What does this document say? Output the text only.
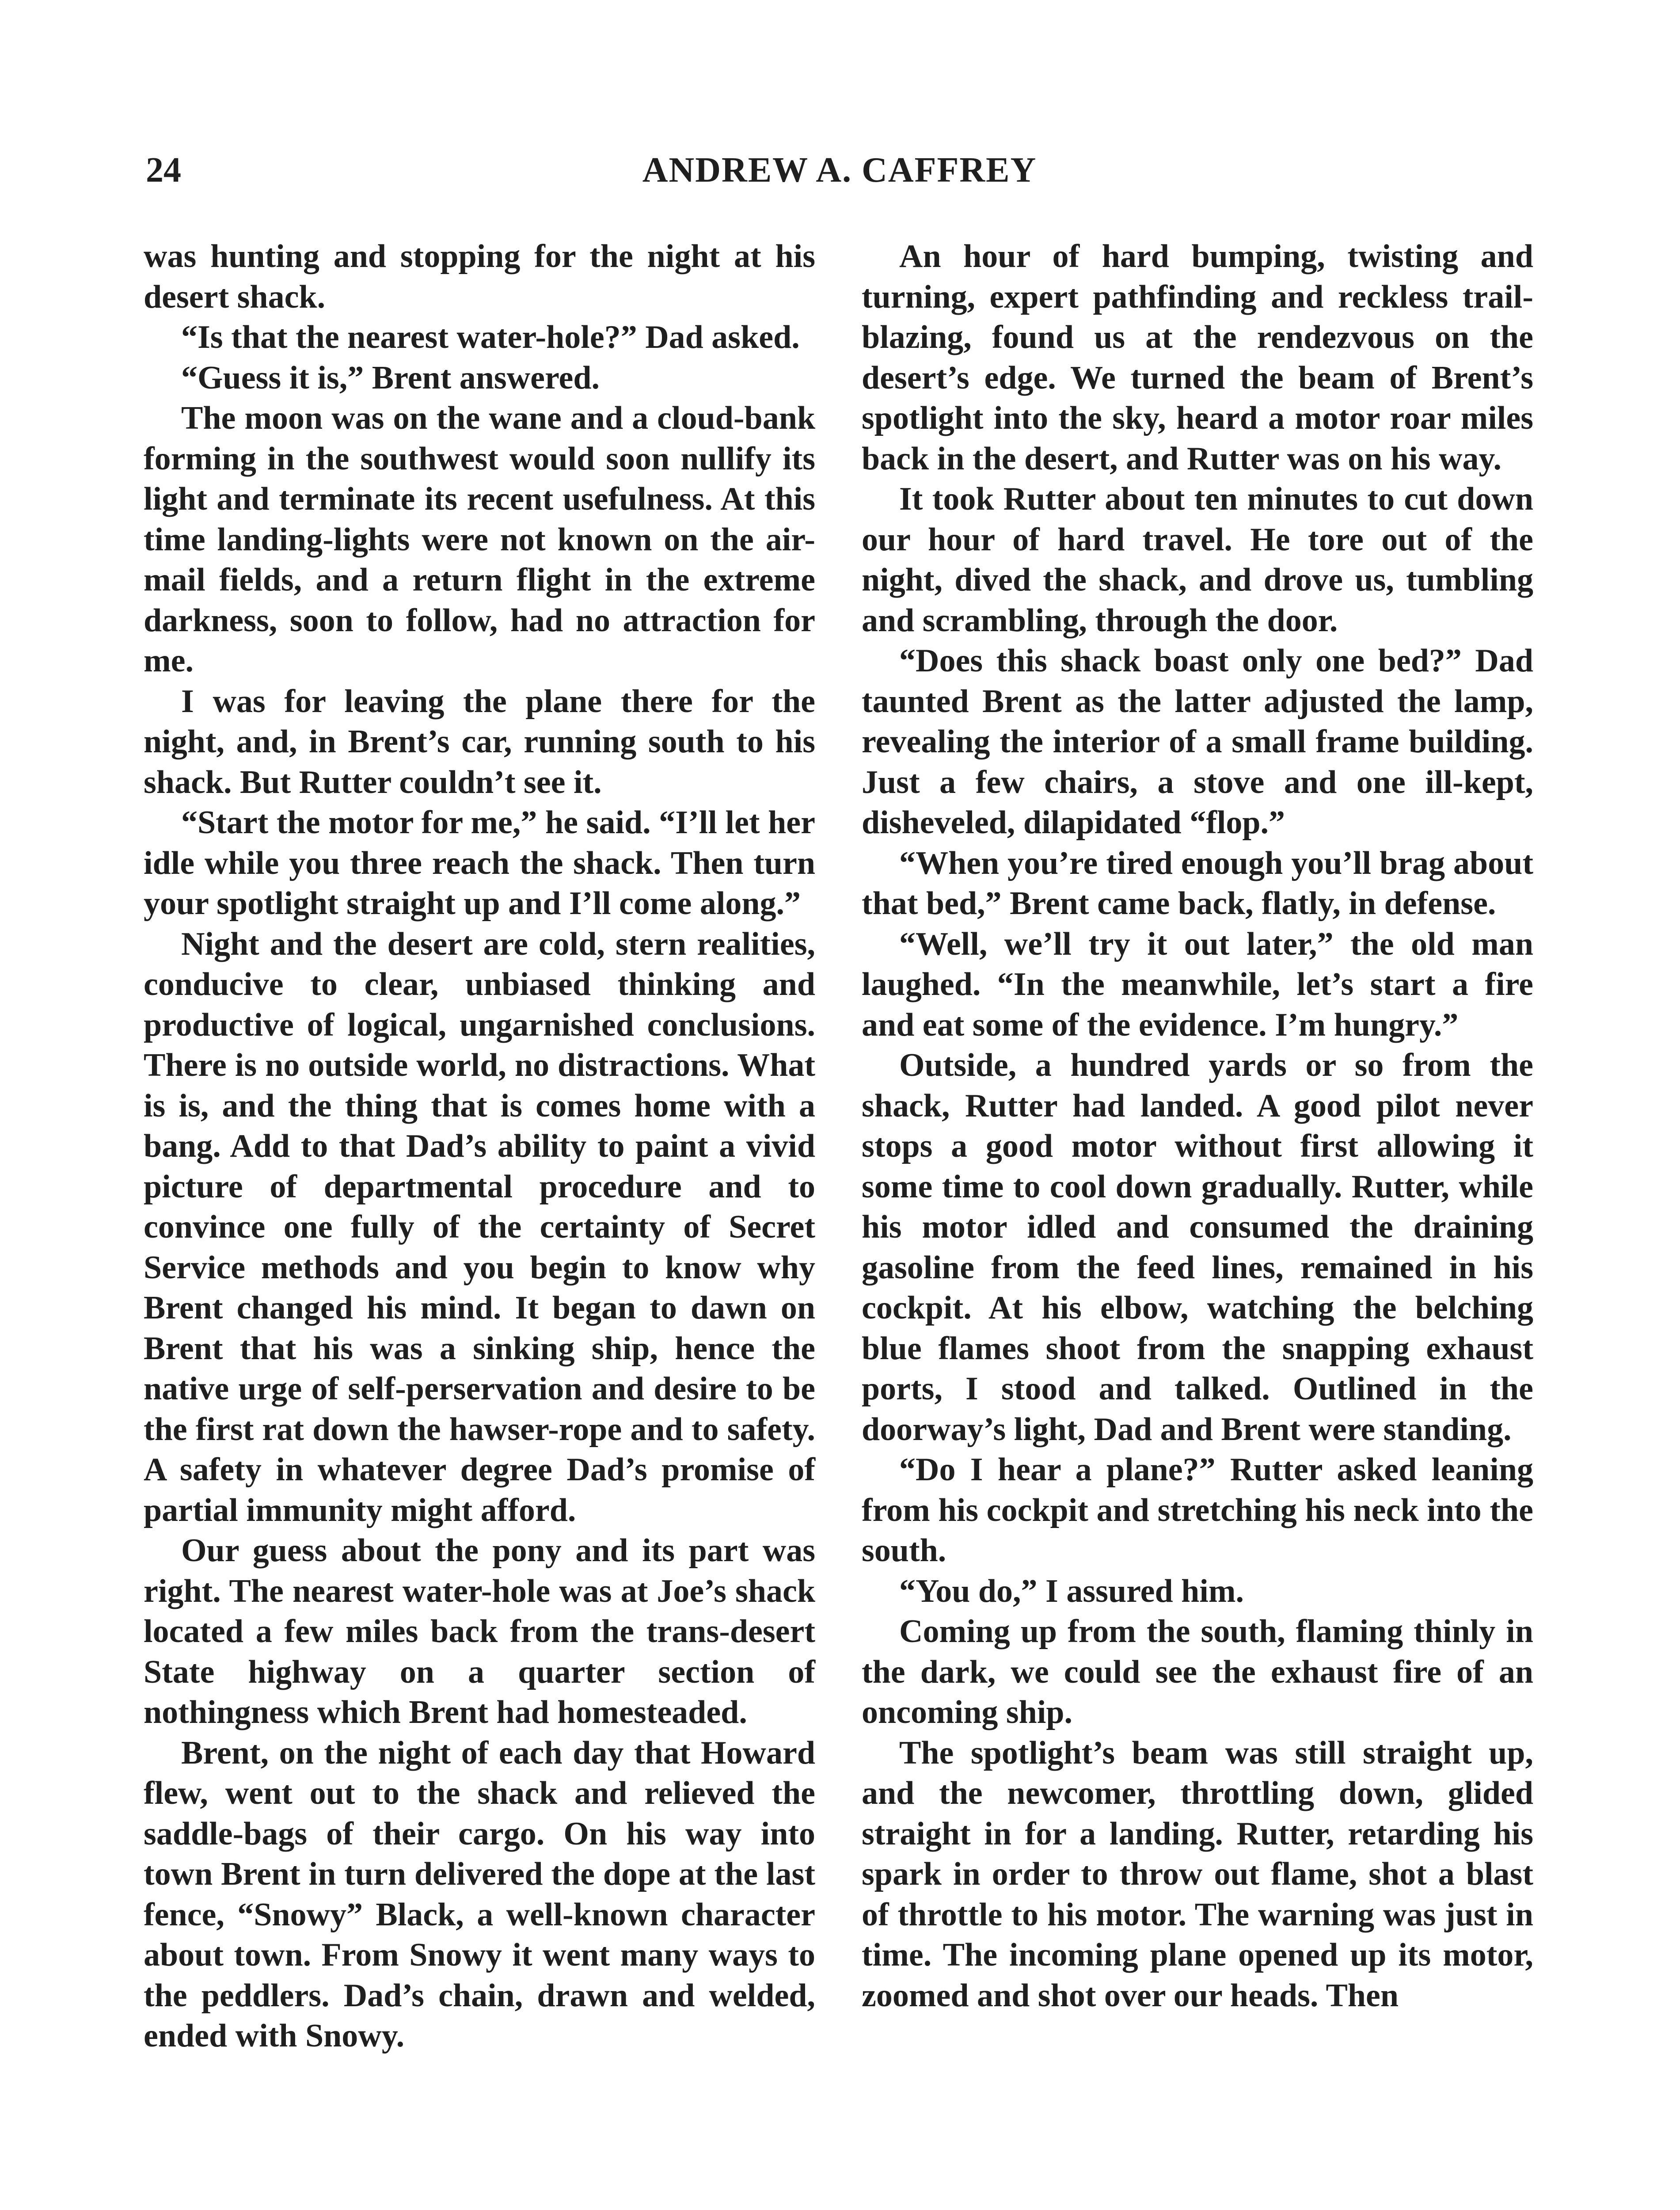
24	ANDREW A. CAFFREY

was hunting and stopping for the night at his desert shack.

“Is that the nearest water-hole?” Dad asked.

“Guess it is,” Brent answered.

The moon was on the wane and a cloud-bank forming in the southwest would soon nullify its light and terminate its recent usefulness. At this time landing-lights were not known on the air-mail fields, and a return flight in the extreme darkness, soon to follow, had no attraction for me.

I was for leaving the plane there for the night, and, in Brent’s car, running south to his shack. But Rutter couldn’t see it.

“Start the motor for me,” he said. “I’ll let her idle while you three reach the shack. Then turn your spotlight straight up and I’ll come along.”

Night and the desert are cold, stern realities, conducive to clear, unbiased thinking and productive of logical, ungarnished conclusions. There is no outside world, no distractions. What is is, and the thing that is comes home with a bang. Add to that Dad’s ability to paint a vivid picture of departmental procedure and to convince one fully of the certainty of Secret Service methods and you begin to know why Brent changed his mind. It began to dawn on Brent that his was a sinking ship, hence the native urge of self-perservation and desire to be the first rat down the hawser-rope and to safety. A safety in whatever degree Dad’s promise of partial immunity might afford.

Our guess about the pony and its part was right. The nearest water-hole was at Joe’s shack located a few miles back from the trans-desert State highway on a quarter section of nothingness which Brent had homesteaded.

Brent, on the night of each day that Howard flew, went out to the shack and relieved the saddle-bags of their cargo. On his way into town Brent in turn delivered the dope at the last fence, “Snowy” Black, a well-known character about town. From Snowy it went many ways to the peddlers. Dad’s chain, drawn and welded, ended with Snowy.

An hour of hard bumping, twisting and turning, expert pathfinding and reckless trail-blazing, found us at the rendezvous on the desert’s edge. We turned the beam of Brent’s spotlight into the sky, heard a motor roar miles back in the desert, and Rutter was on his way.

It took Rutter about ten minutes to cut down our hour of hard travel. He tore out of the night, dived the shack, and drove us, tumbling and scrambling, through the door.

“Does this shack boast only one bed?” Dad taunted Brent as the latter adjusted the lamp, revealing the interior of a small frame building. Just a few chairs, a stove and one ill-kept, disheveled, dilapidated “flop.”

“When you’re tired enough you’ll brag about that bed,” Brent came back, flatly, in defense.

“Well, we’ll try it out later,” the old man laughed. “In the meanwhile, let’s start a fire and eat some of the evidence. I’m hungry.”

Outside, a hundred yards or so from the shack, Rutter had landed. A good pilot never stops a good motor without first allowing it some time to cool down gradually. Rutter, while his motor idled and consumed the draining gasoline from the feed lines, remained in his cockpit. At his elbow, watching the belching blue flames shoot from the snapping exhaust ports, I stood and talked. Outlined in the doorway’s light, Dad and Brent were standing.

“Do I hear a plane?” Rutter asked leaning from his cockpit and stretching his neck into the south.

“You do,” I assured him.

Coming up from the south, flaming thinly in the dark, we could see the exhaust fire of an oncoming ship.

The spotlight’s beam was still straight up, and the newcomer, throttling down, glided straight in for a landing. Rutter, retarding his spark in order to throw out flame, shot a blast of throttle to his motor. The warning was just in time. The incoming plane opened up its motor, zoomed and shot over our heads. Then
